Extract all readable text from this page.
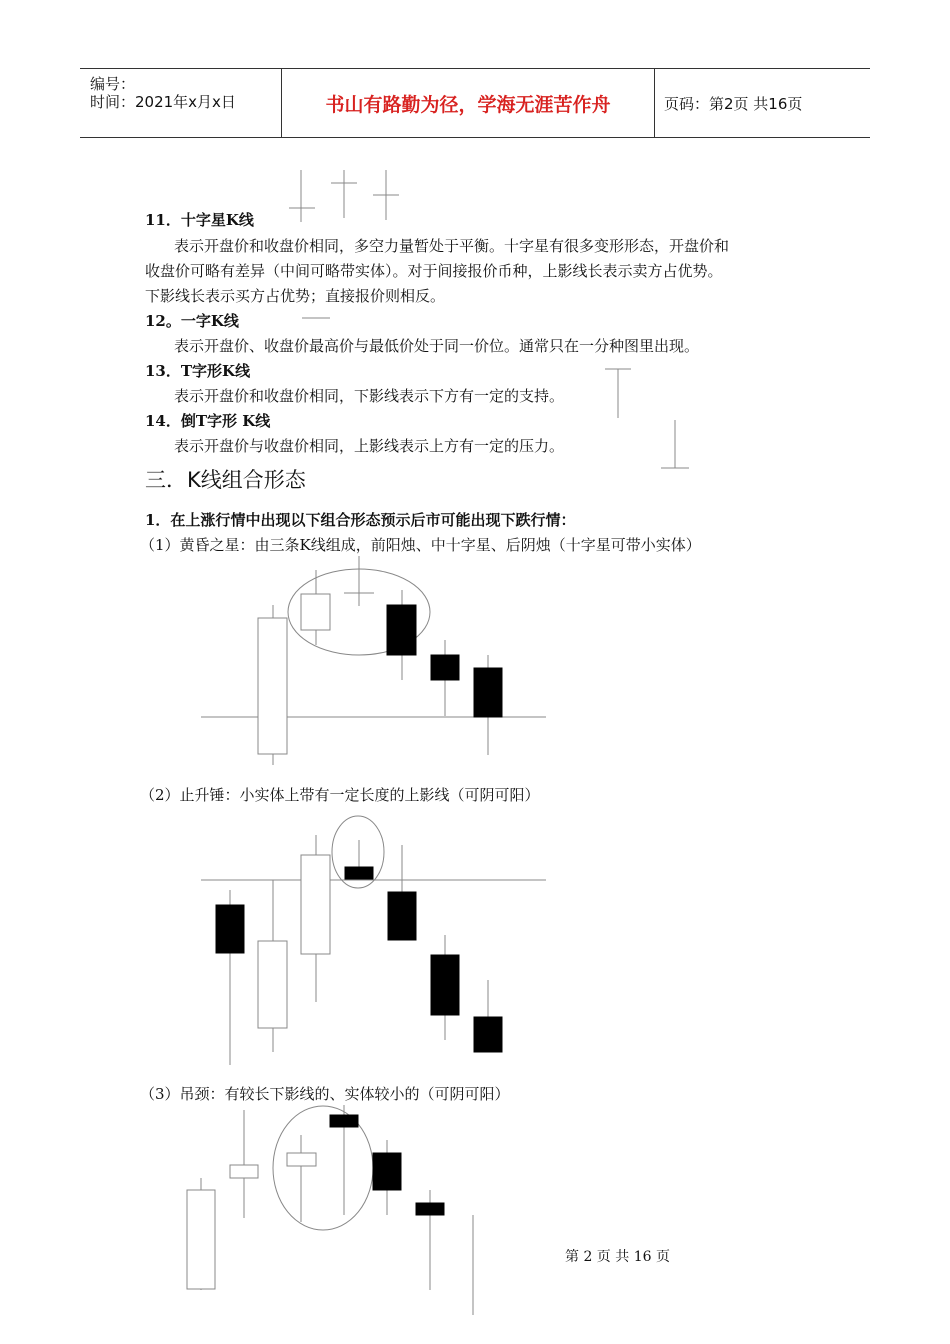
编号：
时间：2021年x月x日	书山有路勤为径，学海无涯苦作舟	页码：第2页 共16页
11．十字星K线
表示开盘价和收盘价相同，多空力量暂处于平衡。十字星有很多变形形态，开盘价和
收盘价可略有差异（中间可略带实体）。对于间接报价币种，上影线长表示卖方占优势。
下影线长表示买方占优势；直接报价则相反。
12。一字K线
表示开盘价、收盘价最高价与最低价处于同一价位。通常只在一分种图里出现。
13．T字形K线
表示开盘价和收盘价相同，下影线表示下方有一定的支持。
14．倒T字形 K线
表示开盘价与收盘价相同，上影线表示上方有一定的压力。
三．K线组合形态
1．在上涨行情中出现以下组合形态预示后市可能出现下跌行情：
（1）黄昏之星：由三条K线组成，前阳烛、中十字星、后阴烛（十字星可带小实体）
（2）止升锤：小实体上带有一定长度的上影线（可阴可阳）
（3）吊颈：有较长下影线的、实体较小的（可阴可阳）
第 2 页 共 16 页
